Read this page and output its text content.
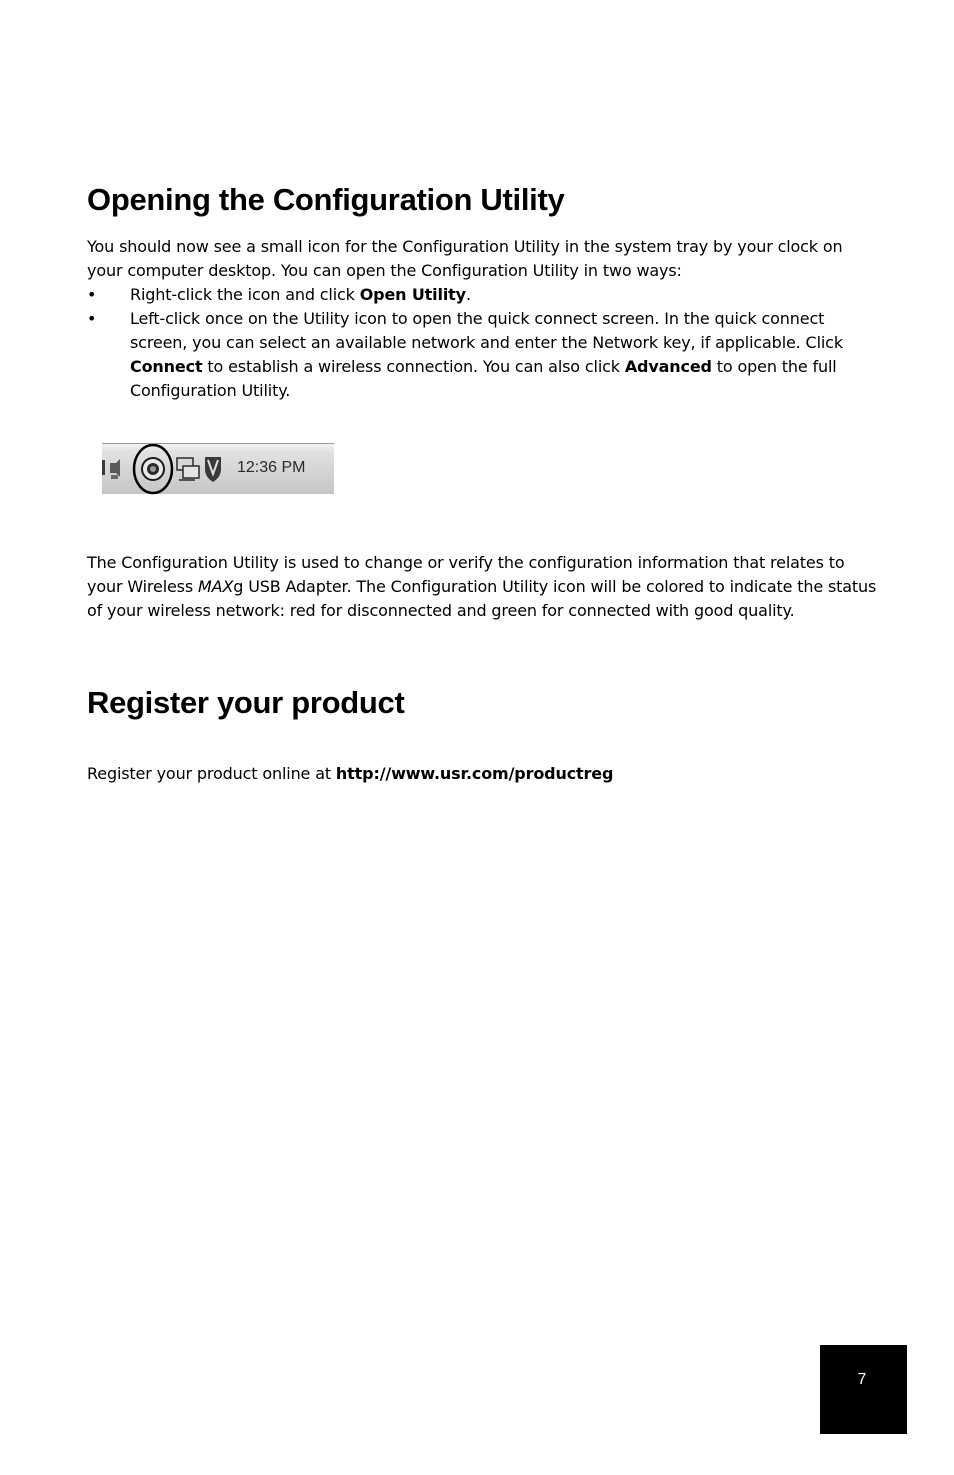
Opening the Configuration Utility

You should now see a small icon for the Configuration Utility in the system tray by your clock on your computer desktop. You can open the Configuration Utility in two ways:

• Right-click the icon and click Open Utility.
• Left-click once on the Utility icon to open the quick connect screen. In the quick connect screen, you can select an available network and enter the Network key, if applicable. Click Connect to establish a wireless connection. You can also click Advanced to open the full Configuration Utility.
12:36 PM

The Configuration Utility is used to change or verify the configuration information that relates to your Wireless MAXg USB Adapter. The Configuration Utility icon will be colored to indicate the status of your wireless network: red for disconnected and green for connected with good quality.

Register your product

Register your product online at http://www.usr.com/productreg

7
